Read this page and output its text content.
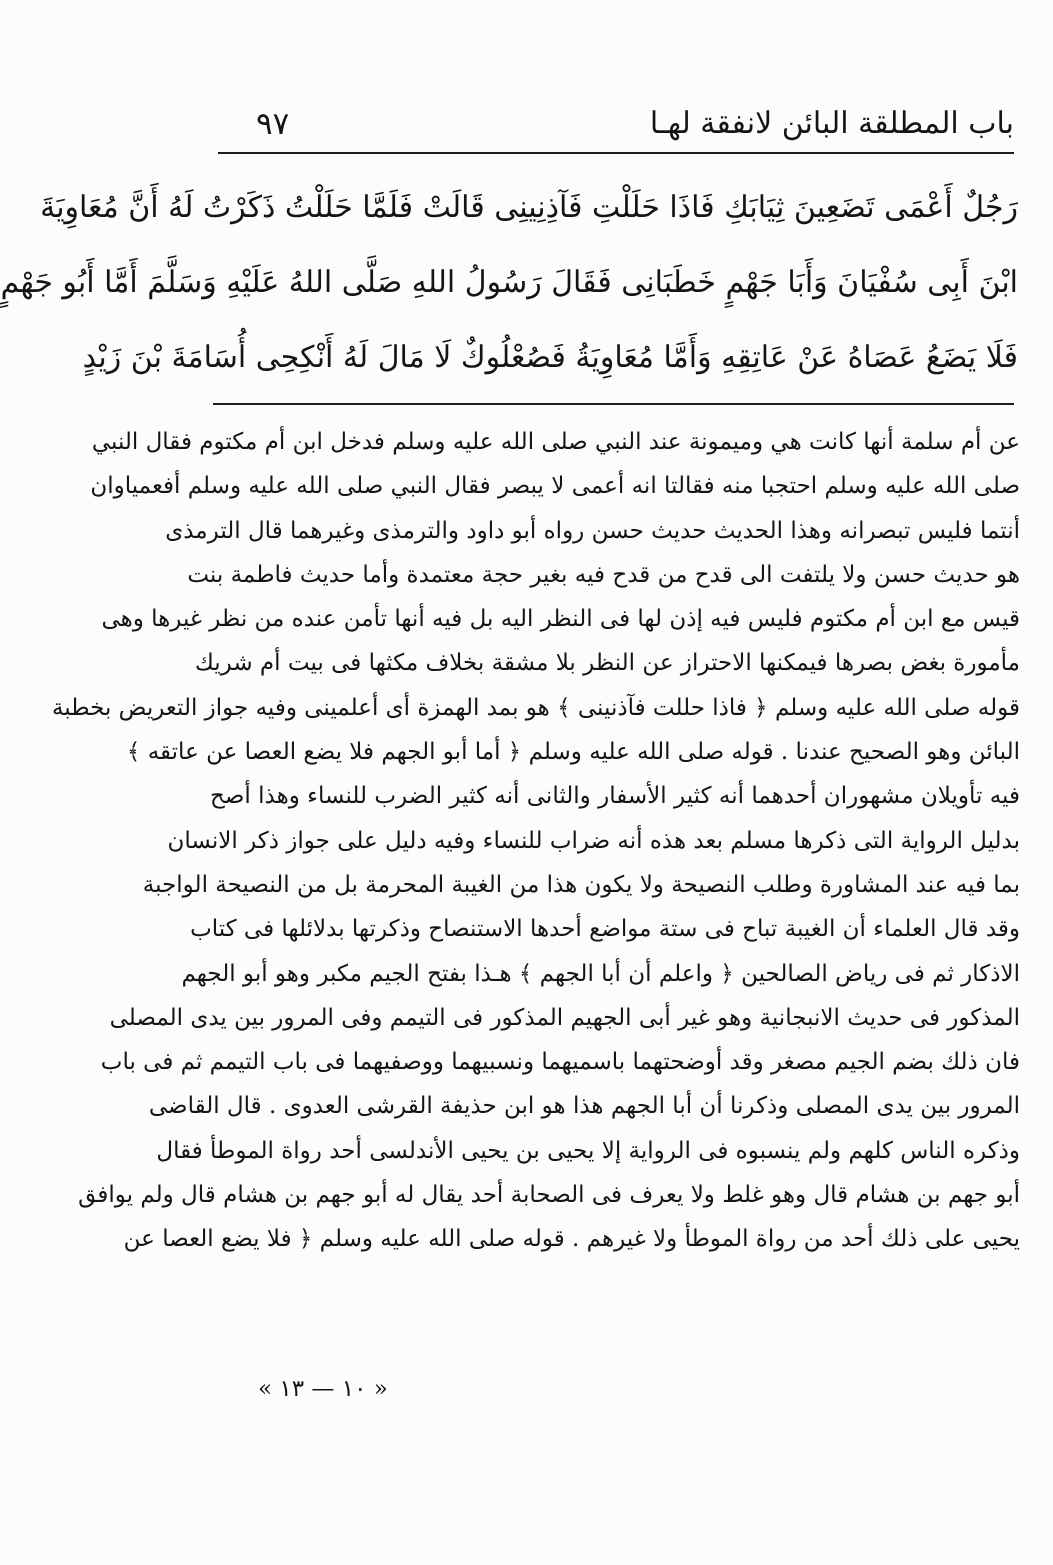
باب المطلقة البائن لانفقة لهـا
٩٧
رَجُلٌ أَعْمَى تَضَعِينَ ثِيَابَكِ فَاذَا حَلَلْتِ فَآذِنِينِى قَالَتْ فَلَمَّا حَلَلْتُ ذَكَرْتُ لَهُ أَنَّ مُعَاوِيَةَ
ابْنَ أَبِى سُفْيَانَ وَأَبَا جَهْمٍ خَطَبَانِى فَقَالَ رَسُولُ اللهِ صَلَّى اللهُ عَلَيْهِ وَسَلَّمَ أَمَّا أَبُو جَهْمٍ
فَلَا يَضَعُ عَصَاهُ عَنْ عَاتِقِهِ وَأَمَّا مُعَاوِيَةُ فَصُعْلُوكٌ لَا مَالَ لَهُ أَنْكِحِى أُسَامَةَ بْنَ زَيْدٍ
عن أم سلمة أنها كانت هي وميمونة عند النبي صلى الله عليه وسلم فدخل ابن أم مكتوم فقال النبي
صلى الله عليه وسلم احتجبا منه فقالتا انه أعمى لا يبصر فقال النبي صلى الله عليه وسلم أفعمياوان
أنتما فليس تبصرانه وهذا الحديث حديث حسن رواه أبو داود والترمذى وغيرهما قال الترمذى
هو حديث حسن ولا يلتفت الى قدح من قدح فيه بغير حجة معتمدة وأما حديث فاطمة بنت
قيس مع ابن أم مكتوم فليس فيه إذن لها فى النظر اليه بل فيه أنها تأمن عنده من نظر غيرها وهى
مأمورة بغض بصرها فيمكنها الاحتراز عن النظر بلا مشقة بخلاف مكثها فى بيت أم شريك
قوله صلى الله عليه وسلم ﴿ فاذا حللت فآذنينى ﴾ هو بمد الهمزة أى أعلمينى وفيه جواز التعريض بخطبة
البائن وهو الصحيح عندنا . قوله صلى الله عليه وسلم ﴿ أما أبو الجهم فلا يضع العصا عن عاتقه ﴾
فيه تأويلان مشهوران أحدهما أنه كثير الأسفار والثانى أنه كثير الضرب للنساء وهذا أصح
بدليل الرواية التى ذكرها مسلم بعد هذه أنه ضراب للنساء وفيه دليل على جواز ذكر الانسان
بما فيه عند المشاورة وطلب النصيحة ولا يكون هذا من الغيبة المحرمة بل من النصيحة الواجبة
وقد قال العلماء أن الغيبة تباح فى ستة مواضع أحدها الاستنصاح وذكرتها بدلائلها فى كتاب
الاذكار ثم فى رياض الصالحين ﴿ واعلم أن أبا الجهم ﴾ هـذا بفتح الجيم مكبر وهو أبو الجهم
المذكور فى حديث الانبجانية وهو غير أبى الجهيم المذكور فى التيمم وفى المرور بين يدى المصلى
فان ذلك بضم الجيم مصغر وقد أوضحتهما باسميهما ونسبيهما ووصفيهما فى باب التيمم ثم فى باب
المرور بين يدى المصلى وذكرنا أن أبا الجهم هذا هو ابن حذيفة القرشى العدوى . قال القاضى
وذكره الناس كلهم ولم ينسبوه فى الرواية إلا يحيى بن يحيى الأندلسى أحد رواة الموطأ فقال
أبو جهم بن هشام قال وهو غلط ولا يعرف فى الصحابة أحد يقال له أبو جهم بن هشام قال ولم يوافق
يحيى على ذلك أحد من رواة الموطأ ولا غيرهم . قوله صلى الله عليه وسلم ﴿ فلا يضع العصا عن
« ١٠ — ١٣ »
